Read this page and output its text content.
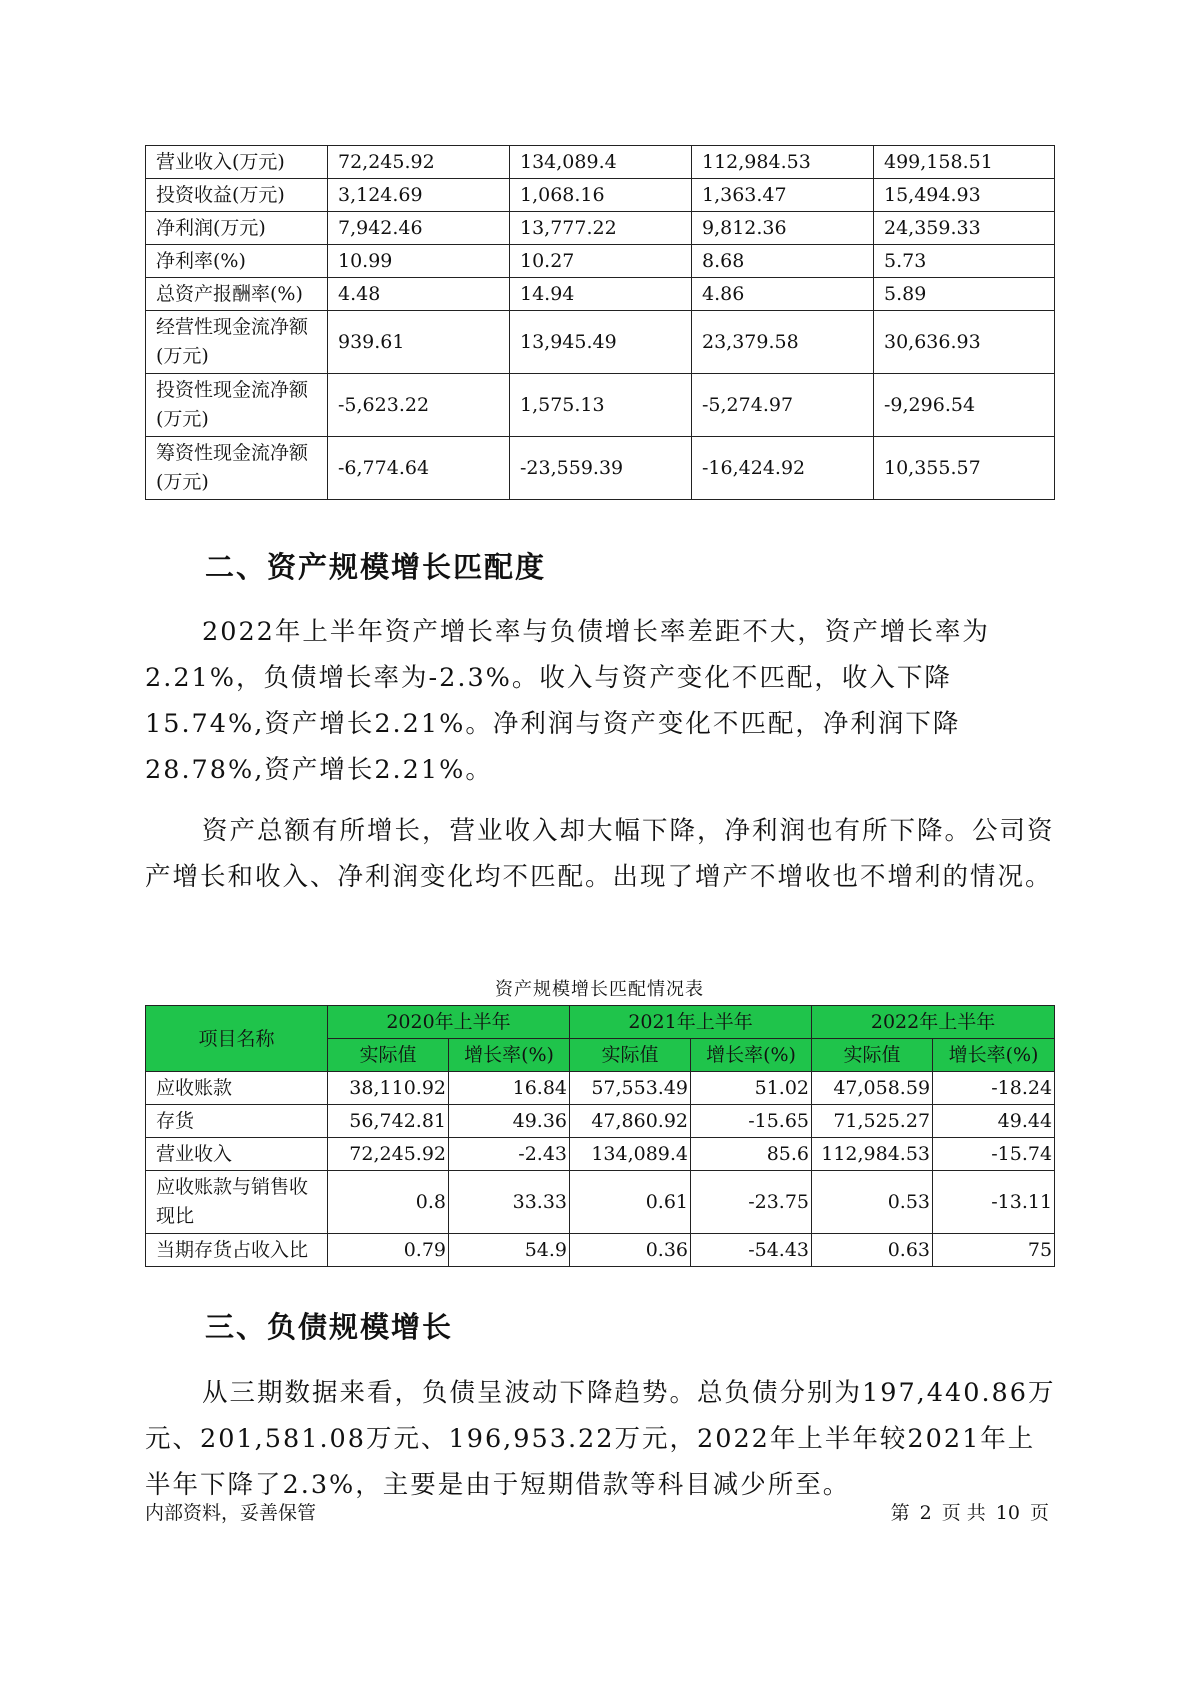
营业收入(万元)	72,245.92	134,089.4	112,984.53	499,158.51
投资收益(万元)	3,124.69	1,068.16	1,363.47	15,494.93
净利润(万元)	7,942.46	13,777.22	9,812.36	24,359.33
净利率(%)	10.99	10.27	8.68	5.73
总资产报酬率(%)	4.48	14.94	4.86	5.89
经营性现金流净额(万元)	939.61	13,945.49	23,379.58	30,636.93
投资性现金流净额(万元)	-5,623.22	1,575.13	-5,274.97	-9,296.54
筹资性现金流净额(万元)	-6,774.64	-23,559.39	-16,424.92	10,355.57
二、资产规模增长匹配度

2022年上半年资产增长率与负债增长率差距不大，资产增长率为2.21%，负债增长率为-2.3%。收入与资产变化不匹配，收入下降15.74%,资产增长2.21%。净利润与资产变化不匹配，净利润下降28.78%,资产增长2.21%。

资产总额有所增长，营业收入却大幅下降，净利润也有所下降。公司资产增长和收入、净利润变化均不匹配。出现了增产不增收也不增利的情况。

资产规模增长匹配情况表

项目名称	2020年上半年		2021年上半年		2022年上半年	
	实际值	增长率(%)	实际值	增长率(%)	实际值	增长率(%)
应收账款	38,110.92	16.84	57,553.49	51.02	47,058.59	-18.24
存货	56,742.81	49.36	47,860.92	-15.65	71,525.27	49.44
营业收入	72,245.92	-2.43	134,089.4	85.6	112,984.53	-15.74
应收账款与销售收现比	0.8	33.33	0.61	-23.75	0.53	-13.11
当期存货占收入比	0.79	54.9	0.36	-54.43	0.63	75
三、负债规模增长

从三期数据来看，负债呈波动下降趋势。总负债分别为197,440.86万元、201,581.08万元、196,953.22万元，2022年上半年较2021年上半年下降了2.3%，主要是由于短期借款等科目减少所至。

内部资料，妥善保管	第 2 页 共 10 页
